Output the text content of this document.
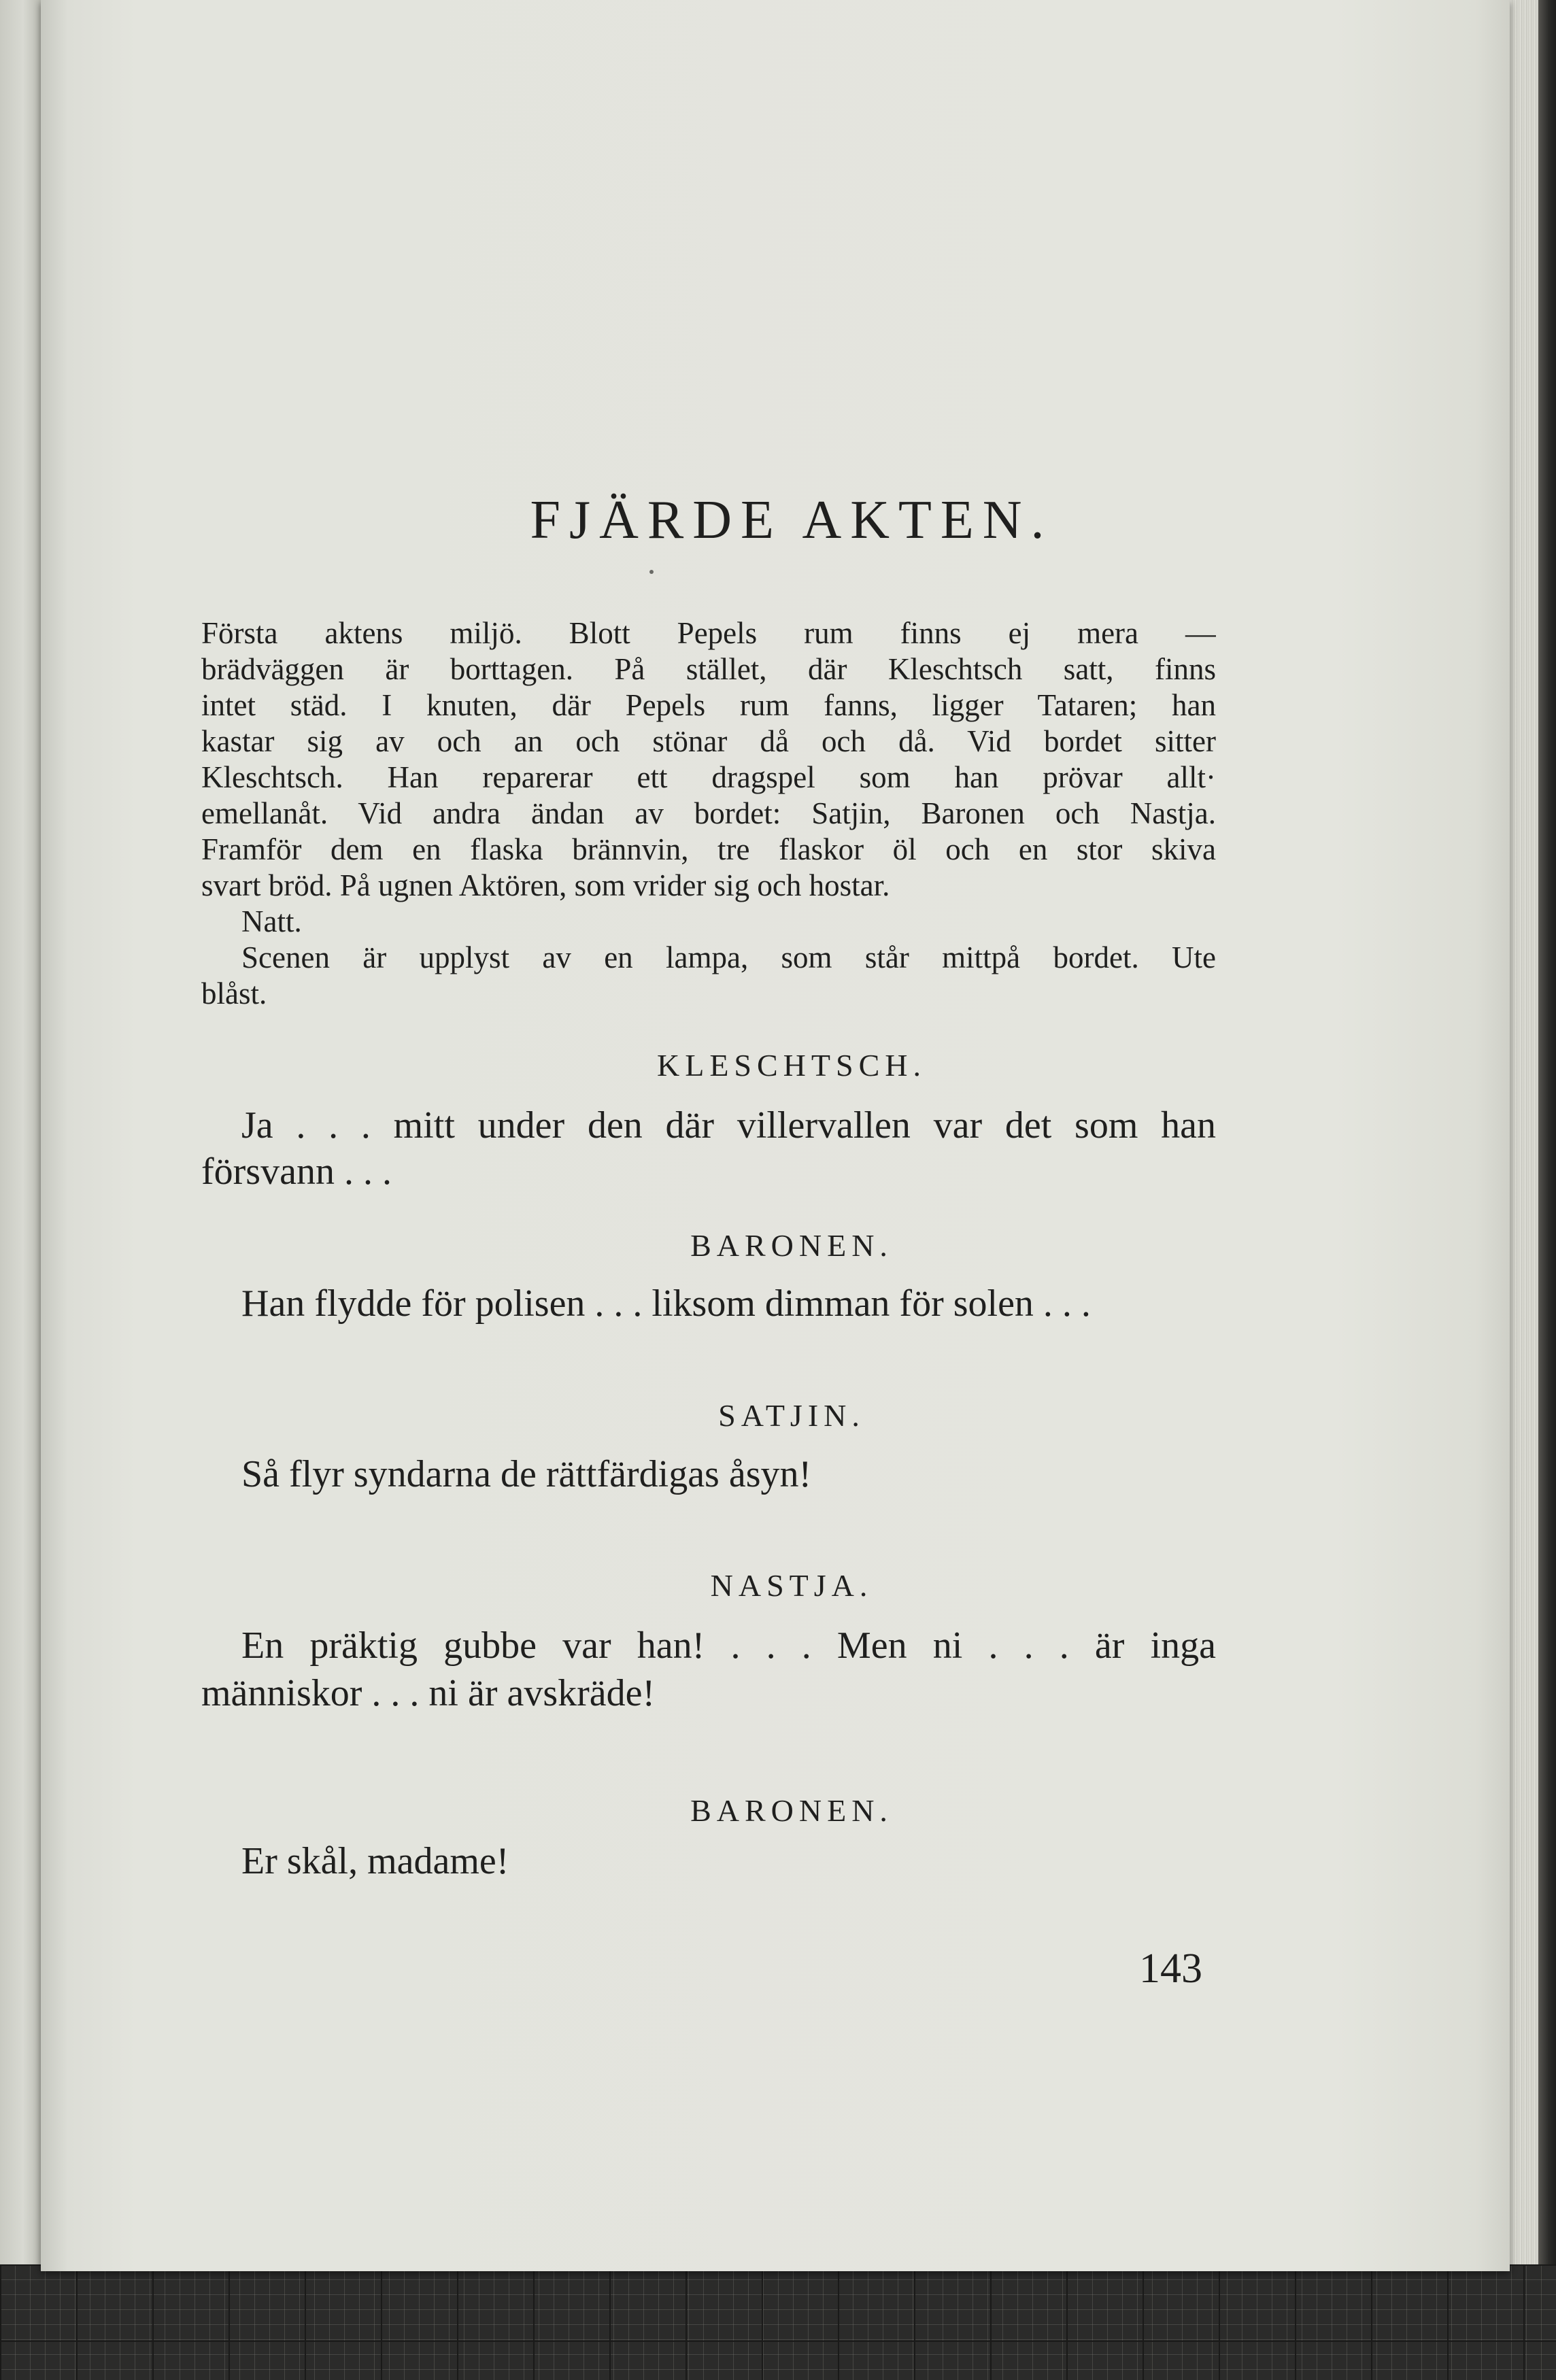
FJÄRDE AKTEN.
Första aktens miljö. Blott Pepels rum finns ej mera —
brädväggen är borttagen. På stället, där Kleschtsch satt, finns
intet städ. I knuten, där Pepels rum fanns, ligger Tataren; han
kastar sig av och an och stönar då och då. Vid bordet sitter
Kleschtsch. Han reparerar ett dragspel som han prövar allt·
emellanåt. Vid andra ändan av bordet: Satjin, Baronen och Nastja.
Framför dem en flaska brännvin, tre flaskor öl och en stor skiva
svart bröd. På ugnen Aktören, som vrider sig och hostar.
Natt.
Scenen är upplyst av en lampa, som står mittpå bordet. Ute
blåst.
KLESCHTSCH.
Ja . . . mitt under den där villervallen var det som han
försvann . . .
BARONEN.
Han flydde för polisen . . . liksom dimman för solen . . .
SATJIN.
Så flyr syndarna de rättfärdigas åsyn!
NASTJA.
En präktig gubbe var han! . . . Men ni . . . är inga
människor . . . ni är avskräde!
BARONEN.
Er skål, madame!
143
